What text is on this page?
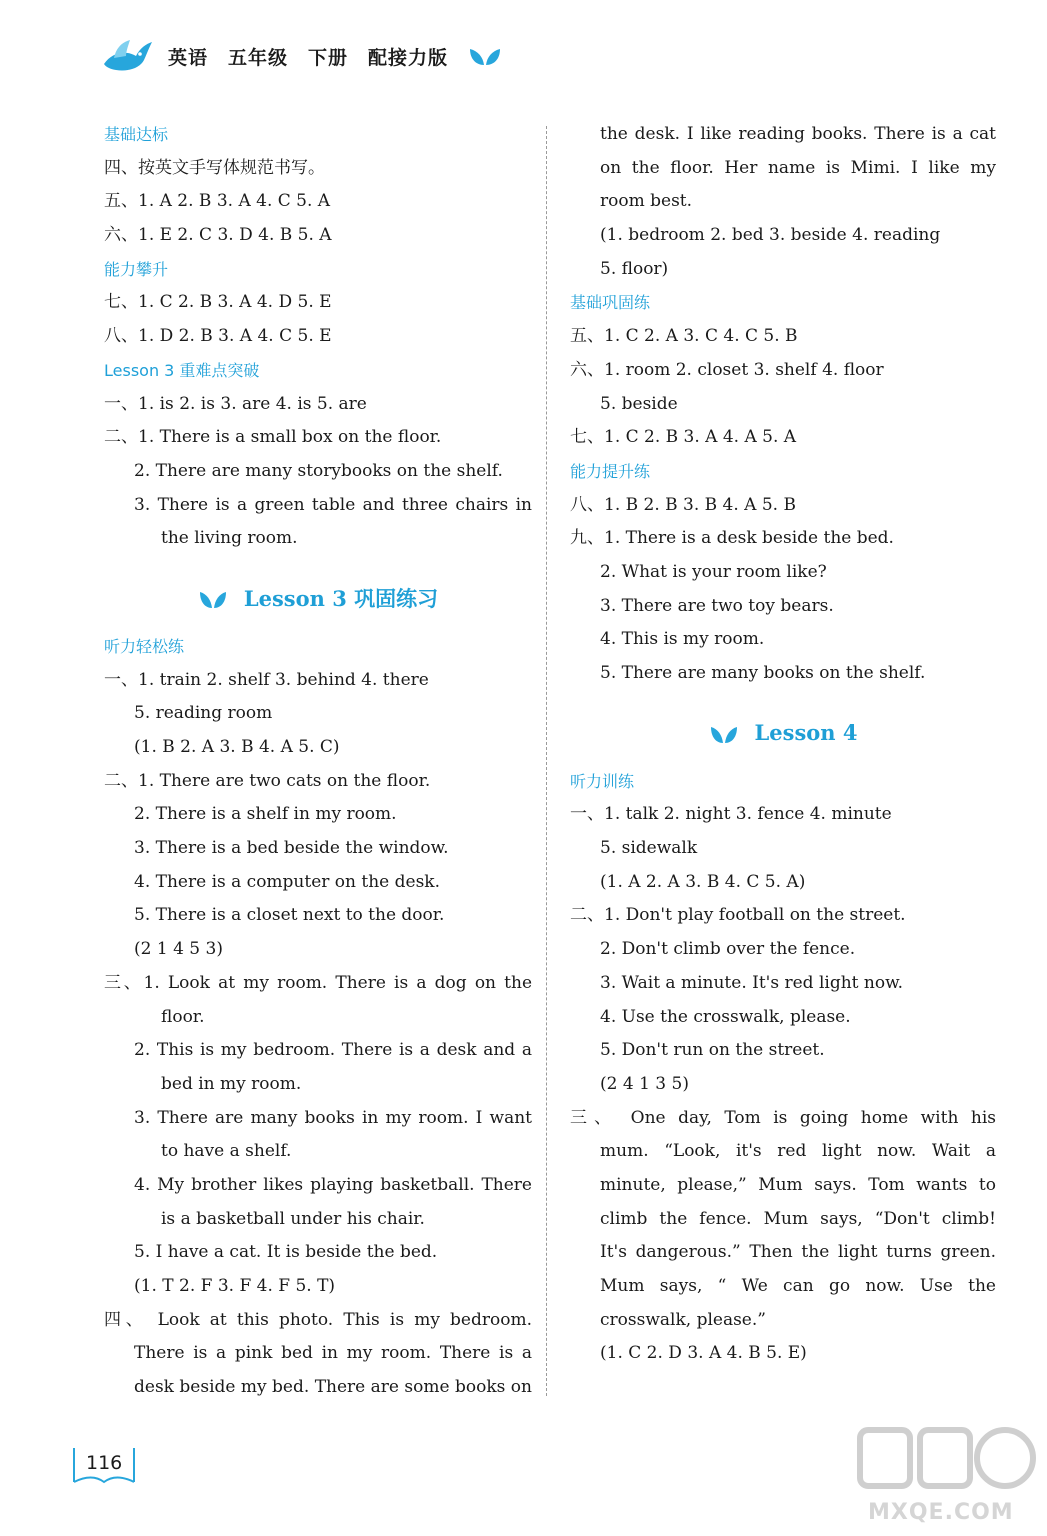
英语 五年级 下册 配接力版
基础达标
四、按英文手写体规范书写。
五、1. A 2. B 3. A 4. C 5. A
六、1. E 2. C 3. D 4. B 5. A
能力攀升
七、1. C 2. B 3. A 4. D 5. E
八、1. D 2. B 3. A 4. C 5. E
Lesson 3 重难点突破
一、1. is 2. is 3. are 4. is 5. are
二、1. There is a small box on the floor.
2. There are many storybooks on the shelf.
3. There is a green table and three chairs in
the living room.
Lesson 3 巩固练习
听力轻松练
一、1. train 2. shelf 3. behind 4. there
5. reading room
(1. B 2. A 3. B 4. A 5. C)
二、1. There are two cats on the floor.
2. There is a shelf in my room.
3. There is a bed beside the window.
4. There is a computer on the desk.
5. There is a closet next to the door.
(2 1 4 5 3)
三、1. Look at my room. There is a dog on the
floor.
2. This is my bedroom. There is a desk and a
bed in my room.
3. There are many books in my room. I want
to have a shelf.
4. My brother likes playing basketball. There
is a basketball under his chair.
5. I have a cat. It is beside the bed.
(1. T 2. F 3. F 4. F 5. T)
四、 Look at this photo. This is my bedroom.
There is a pink bed in my room. There is a
desk beside my bed. There are some books on
the desk. I like reading books. There is a cat
on the floor. Her name is Mimi. I like my
room best.
(1. bedroom 2. bed 3. beside 4. reading
5. floor)
基础巩固练
五、1. C 2. A 3. C 4. C 5. B
六、1. room 2. closet 3. shelf 4. floor
5. beside
七、1. C 2. B 3. A 4. A 5. A
能力提升练
八、1. B 2. B 3. B 4. A 5. B
九、1. There is a desk beside the bed.
2. What is your room like?
3. There are two toy bears.
4. This is my room.
5. There are many books on the shelf.
Lesson 4
听力训练
一、1. talk 2. night 3. fence 4. minute
5. sidewalk
(1. A 2. A 3. B 4. C 5. A)
二、1. Don't play football on the street.
2. Don't climb over the fence.
3. Wait a minute. It's red light now.
4. Use the crosswalk, please.
5. Don't run on the street.
(2 4 1 3 5)
三、 One day, Tom is going home with his
mum. “Look, it's red light now. Wait a
minute, please,” Mum says. Tom wants to
climb the fence. Mum says, “Don't climb!
It's dangerous.” Then the light turns green.
Mum says, “ We can go now. Use the
crosswalk, please.”
(1. C 2. D 3. A 4. B 5. E)
116
MXQE.COM
